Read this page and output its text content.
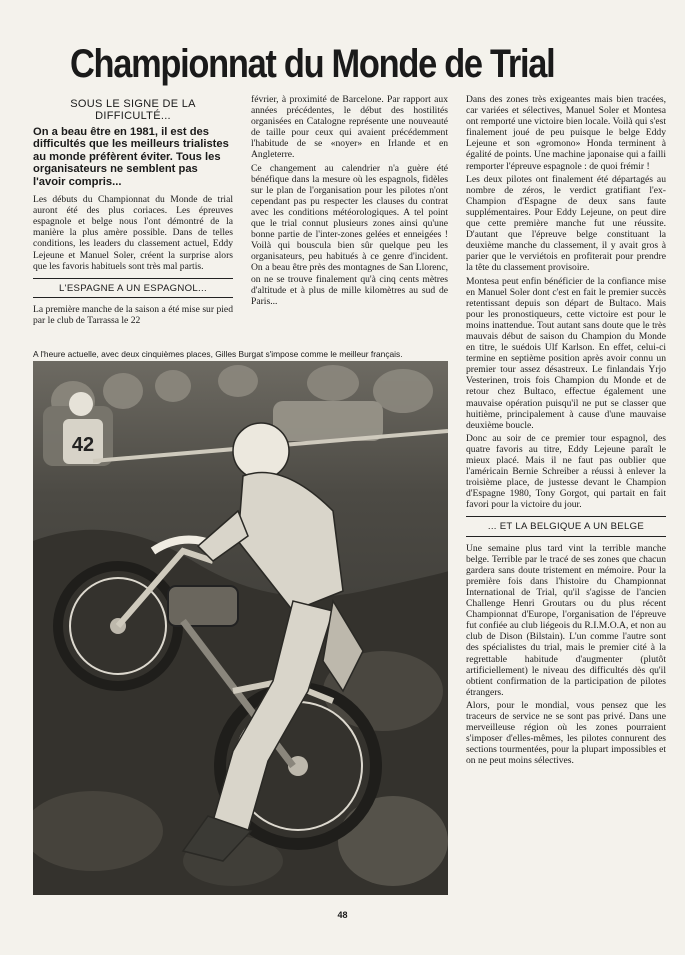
Championnat du Monde de Trial
SOUS LE SIGNE DE LA DIFFICULTÉ...
On a beau être en 1981, il est des difficultés que les meilleurs trialistes au monde préfèrent éviter. Tous les organisateurs ne semblent pas l'avoir compris...

Les débuts du Championnat du Monde de trial auront été des plus coriaces. Les épreuves espagnole et belge nous l'ont démontré de la manière la plus amère possible. Dans de telles conditions, les leaders du classement actuel, Eddy Lejeune et Manuel Soler, créent la surprise alors que les favoris habituels sont très mal partis.

L'ESPAGNE A UN ESPAGNOL...

La première manche de la saison a été mise sur pied par le club de Tarrassa le 22

février, à proximité de Barcelone. Par rapport aux années précédentes, le début des hostilités organisées en Catalogne représente une nouveauté de taille pour ceux qui avaient précédemment l'habitude de se «noyer» en Irlande et en Angleterre.

Ce changement au calendrier n'a guère été bénéfique dans la mesure où les espagnols, fidèles sur le plan de l'organisation pour les pilotes n'ont cependant pas pu respecter les clauses du contrat avec les conditions météorologiques. A tel point que le trial connut plusieurs zones ainsi qu'une bonne partie de l'inter-zones gelées et enneigées ! Voilà qui bouscula bien sûr quelque peu les organisateurs, peu habitués à ce genre d'incident. On a beau être près des montagnes de San Llorenc, on ne se trouve finalement qu'à cinq cents mètres d'altitude et à plus de mille kilomètres au sud de Paris...

Dans des zones très exigeantes mais bien tracées, car variées et sélectives, Manuel Soler et Montesa ont remporté une victoire bien locale. Voilà qui s'est finalement joué de peu puisque le belge Eddy Lejeune et son «gromono» Honda terminent à égalité de points. Une machine japonaise qui a failli remporter l'épreuve espagnole : de quoi frémir !

Les deux pilotes ont finalement été départagés au nombre de zéros, le verdict gratifiant l'ex-Champion d'Espagne de deux sans faute supplémentaires. Pour Eddy Lejeune, on peut dire que cette première manche fut une réussite. D'autant que l'épreuve belge constituant la deuxième manche du classement, il y avait gros à parier que le verviétois en profiterait pour prendre la tête du classement provisoire.

Montesa peut enfin bénéficier de la confiance mise en Manuel Soler dont c'est en fait le premier succès retentissant depuis son départ de Bultaco. Mais pour les pronostiqueurs, cette victoire est pour le moins inattendue. Tout autant sans doute que le très mauvais début de saison du Champion du Monde en titre, le suédois Ulf Karlson. En effet, celui-ci termine en septième position après avoir connu un premier tour assez désastreux. Le finlandais Yrjo Vesterinen, trois fois Champion du Monde et de retour chez Bultaco, effectue également une mauvaise opération puisqu'il ne put se classer que huitième, principalement à cause d'une mauvaise deuxième boucle.

Donc au soir de ce premier tour espagnol, des quatre favoris au titre, Eddy Lejeune paraît le mieux placé. Mais il ne faut pas oublier que l'américain Bernie Schreiber a réussi à enlever la troisième place, de justesse devant le Champion d'Espagne 1980, Tony Gorgot, qui partait en fait favori pour la victoire du jour.

... ET LA BELGIQUE A UN BELGE

Une semaine plus tard vint la terrible manche belge. Terrible par le tracé de ses zones que chacun gardera sans doute tristement en mémoire. Pour la première fois dans l'histoire du Championnat International de Trial, qu'il s'agisse de l'ancien Challenge Henri Groutars ou du plus récent Championnat d'Europe, l'organisation de l'épreuve fut confiée au club liégeois du R.I.M.O.A, et non au club de Dison (Bilstain). L'un comme l'autre sont des spécialistes du trial, mais le premier cité à la regrettable habitude d'augmenter (plutôt artificiellement) le niveau des difficultés dès qu'il obtient confirmation de la participation de pilotes étrangers.

Alors, pour le mondial, vous pensez que les traceurs de service ne se sont pas privé. Dans une merveilleuse région où les zones pourraient s'imposer d'elles-mêmes, les pilotes connurent des sections tourmentées, pour la plupart impossibles et on ne peut moins sélectives.

A l'heure actuelle, avec deux cinquièmes places, Gilles Burgat s'impose comme le meilleur français.
42
48
